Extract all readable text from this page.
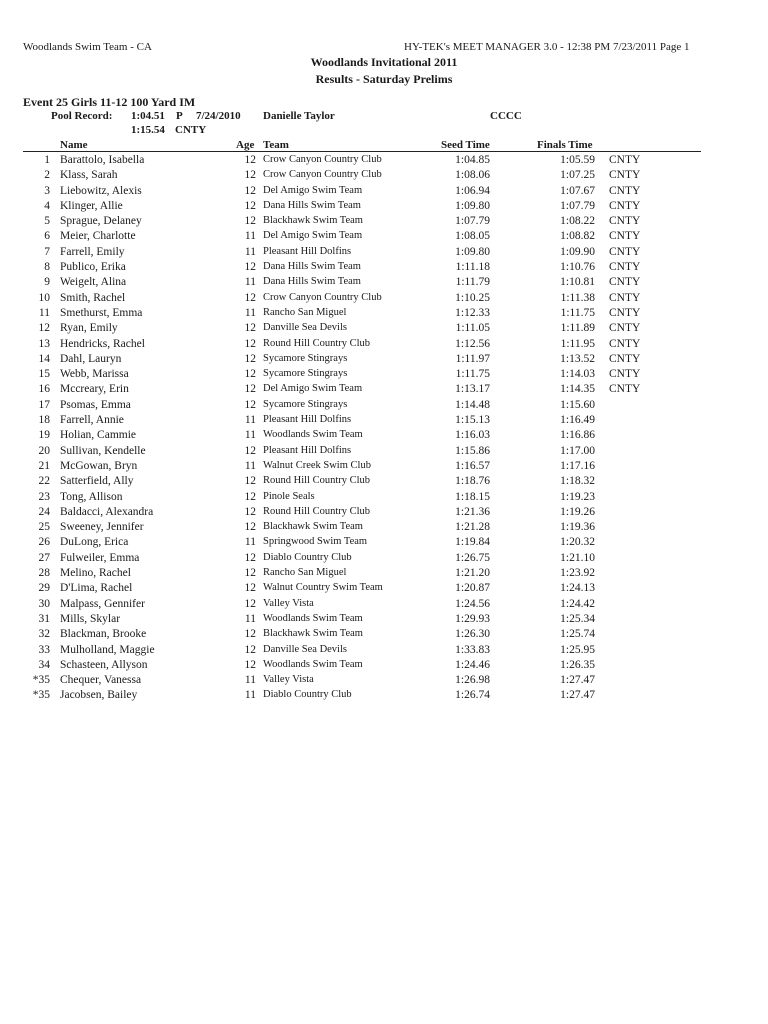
Woodlands Swim Team - CA	HY-TEK's MEET MANAGER 3.0 - 12:38 PM 7/23/2011 Page 1
Woodlands Invitational 2011
Results - Saturday Prelims
Event 25 Girls 11-12 100 Yard IM
Pool Record: 1:04.51 P 7/24/2010 Danielle Taylor	CCCC
1:15.54 CNTY
Name	Age Team	Seed Time	Finals Time
1 Barattolo, Isabella	12 Crow Canyon Country Club	1:04.85	1:05.59 CNTY
2 Klass, Sarah	12 Crow Canyon Country Club	1:08.06	1:07.25 CNTY
3 Liebowitz, Alexis	12 Del Amigo Swim Team	1:06.94	1:07.67 CNTY
4 Klinger, Allie	12 Dana Hills Swim Team	1:09.80	1:07.79 CNTY
5 Sprague, Delaney	12 Blackhawk Swim Team	1:07.79	1:08.22 CNTY
6 Meier, Charlotte	11 Del Amigo Swim Team	1:08.05	1:08.82 CNTY
7 Farrell, Emily	11 Pleasant Hill Dolfins	1:09.80	1:09.90 CNTY
8 Publico, Erika	12 Dana Hills Swim Team	1:11.18	1:10.76 CNTY
9 Weigelt, Alina	11 Dana Hills Swim Team	1:11.79	1:10.81 CNTY
10 Smith, Rachel	12 Crow Canyon Country Club	1:10.25	1:11.38 CNTY
11 Smethurst, Emma	11 Rancho San Miguel	1:12.33	1:11.75 CNTY
12 Ryan, Emily	12 Danville Sea Devils	1:11.05	1:11.89 CNTY
13 Hendricks, Rachel	12 Round Hill Country Club	1:12.56	1:11.95 CNTY
14 Dahl, Lauryn	12 Sycamore Stingrays	1:11.97	1:13.52 CNTY
15 Webb, Marissa	12 Sycamore Stingrays	1:11.75	1:14.03 CNTY
16 Mccreary, Erin	12 Del Amigo Swim Team	1:13.17	1:14.35 CNTY
17 Psomas, Emma	12 Sycamore Stingrays	1:14.48	1:15.60
18 Farrell, Annie	11 Pleasant Hill Dolfins	1:15.13	1:16.49
19 Holian, Cammie	11 Woodlands Swim Team	1:16.03	1:16.86
20 Sullivan, Kendelle	12 Pleasant Hill Dolfins	1:15.86	1:17.00
21 McGowan, Bryn	11 Walnut Creek Swim Club	1:16.57	1:17.16
22 Satterfield, Ally	12 Round Hill Country Club	1:18.76	1:18.32
23 Tong, Allison	12 Pinole Seals	1:18.15	1:19.23
24 Baldacci, Alexandra	12 Round Hill Country Club	1:21.36	1:19.26
25 Sweeney, Jennifer	12 Blackhawk Swim Team	1:21.28	1:19.36
26 DuLong, Erica	11 Springwood Swim Team	1:19.84	1:20.32
27 Fulweiler, Emma	12 Diablo Country Club	1:26.75	1:21.10
28 Melino, Rachel	12 Rancho San Miguel	1:21.20	1:23.92
29 D'Lima, Rachel	12 Walnut Country Swim Team	1:20.87	1:24.13
30 Malpass, Gennifer	12 Valley Vista	1:24.56	1:24.42
31 Mills, Skylar	11 Woodlands Swim Team	1:29.93	1:25.34
32 Blackman, Brooke	12 Blackhawk Swim Team	1:26.30	1:25.74
33 Mulholland, Maggie	12 Danville Sea Devils	1:33.83	1:25.95
34 Schasteen, Allyson	12 Woodlands Swim Team	1:24.46	1:26.35
*35 Chequer, Vanessa	11 Valley Vista	1:26.98	1:27.47
*35 Jacobsen, Bailey	11 Diablo Country Club	1:26.74	1:27.47
